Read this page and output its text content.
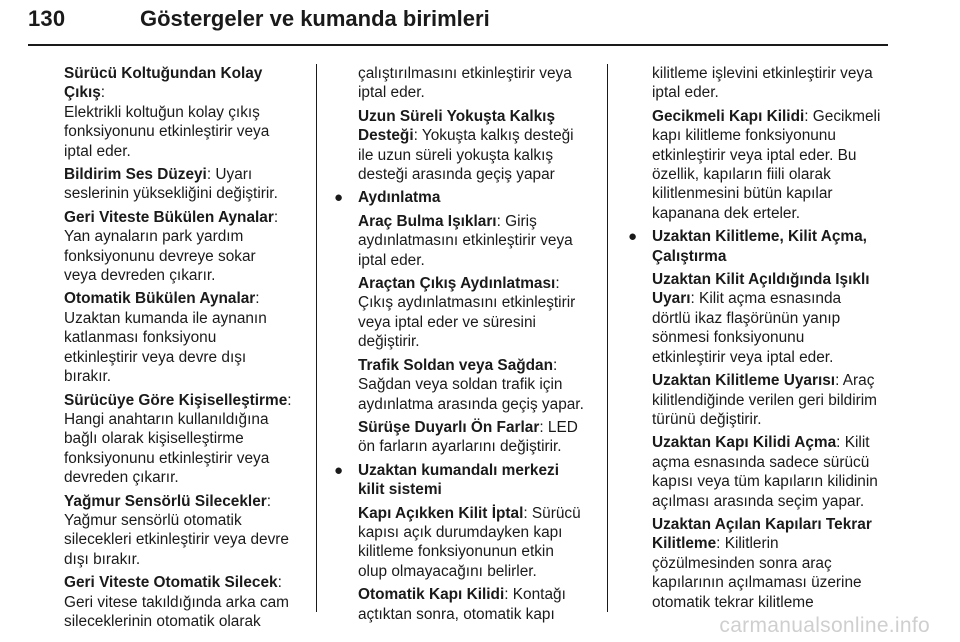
130	Göstergeler ve kumanda birimleri

Sürücü Koltuğundan Kolay Çıkış:
Elektrikli koltuğun kolay çıkış
fonksiyonunu etkinleştirir veya
iptal eder.

Bildirim Ses Düzeyi: Uyarı
seslerinin yüksekliğini değiştirir.

Geri Viteste Bükülen Aynalar:
Yan aynaların park yardım
fonksiyonunu devreye sokar
veya devreden çıkarır.

Otomatik Bükülen Aynalar:
Uzaktan kumanda ile aynanın
katlanması fonksiyonu
etkinleştirir veya devre dışı
bırakır.

Sürücüye Göre Kişiselleştirme:
Hangi anahtarın kullanıldığına
bağlı olarak kişiselleştirme
fonksiyonunu etkinleştirir veya
devreden çıkarır.

Yağmur Sensörlü Silecekler:
Yağmur sensörlü otomatik
silecekleri etkinleştirir veya devre
dışı bırakır.

Geri Viteste Otomatik Silecek:
Geri vitese takıldığında arka cam
sileceklerinin otomatik olarak

çalıştırılmasını etkinleştirir veya
iptal eder.

Uzun Süreli Yokuşta Kalkış
Desteği: Yokuşta kalkış desteği
ile uzun süreli yokuşta kalkış
desteği arasında geçiş yapar

● Aydınlatma

Araç Bulma Işıkları: Giriş
aydınlatmasını etkinleştirir veya
iptal eder.

Araçtan Çıkış Aydınlatması:
Çıkış aydınlatmasını etkinleştirir
veya iptal eder ve süresini
değiştirir.

Trafik Soldan veya Sağdan:
Sağdan veya soldan trafik için
aydınlatma arasında geçiş yapar.

Sürüşe Duyarlı Ön Farlar: LED
ön farların ayarlarını değiştirir.

● Uzaktan kumandalı merkezi
kilit sistemi

Kapı Açıkken Kilit İptal: Sürücü
kapısı açık durumdayken kapı
kilitleme fonksiyonunun etkin
olup olmayacağını belirler.

Otomatik Kapı Kilidi: Kontağı
açtıktan sonra, otomatik kapı

kilitleme işlevini etkinleştirir veya
iptal eder.

Gecikmeli Kapı Kilidi: Gecikmeli
kapı kilitleme fonksiyonunu
etkinleştirir veya iptal eder. Bu
özellik, kapıların fiili olarak
kilitlenmesini bütün kapılar
kapanana dek erteler.

● Uzaktan Kilitleme, Kilit Açma,
Çalıştırma

Uzaktan Kilit Açıldığında Işıklı
Uyarı: Kilit açma esnasında
dörtlü ikaz flaşörünün yanıp
sönmesi fonksiyonunu
etkinleştirir veya iptal eder.

Uzaktan Kilitleme Uyarısı: Araç
kilitlendiğinde verilen geri bildirim
türünü değiştirir.

Uzaktan Kapı Kilidi Açma: Kilit
açma esnasında sadece sürücü
kapısı veya tüm kapıların kilidinin
açılması arasında seçim yapar.

Uzaktan Açılan Kapıları Tekrar
Kilitleme: Kilitlerin
çözülmesinden sonra araç
kapılarının açılmaması üzerine
otomatik tekrar kilitleme

carmanualsonline.info
